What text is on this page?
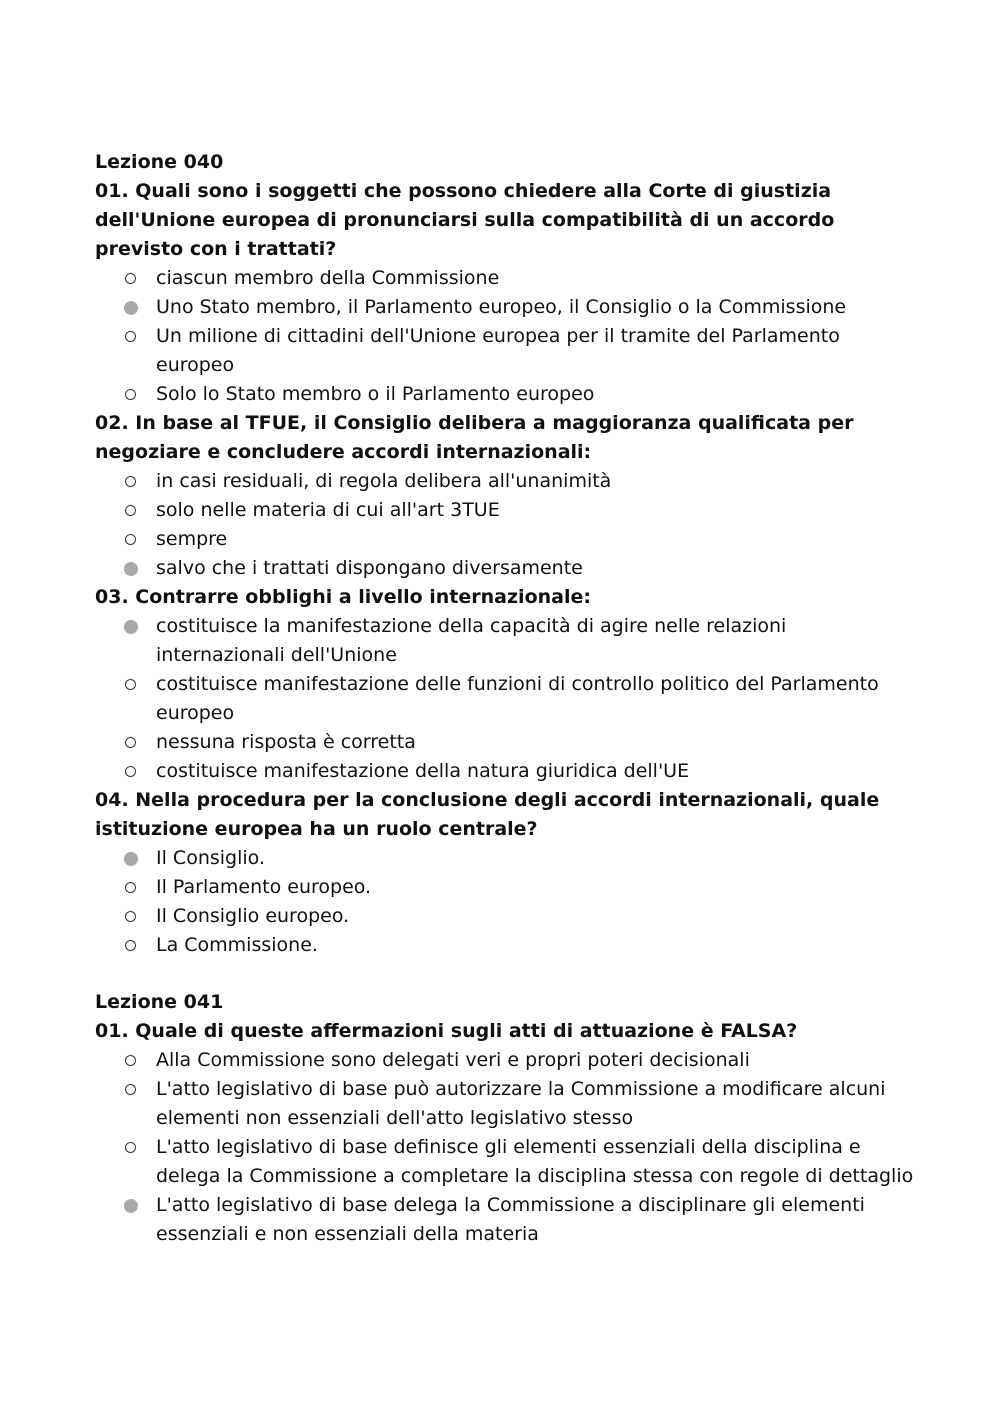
Lezione 040

01. Quali sono i soggetti che possono chiedere alla Corte di giustizia dell'Unione europea di pronunciarsi sulla compatibilità di un accordo previsto con i trattati?

ciascun membro della Commissione
Uno Stato membro, il Parlamento europeo, il Consiglio o la Commissione
Un milione di cittadini dell'Unione europea per il tramite del Parlamento europeo
Solo lo Stato membro o il Parlamento europeo

02. In base al TFUE, il Consiglio delibera a maggioranza qualificata per negoziare e concludere accordi internazionali:

in casi residuali, di regola delibera all'unanimità
solo nelle materia di cui all'art 3TUE
sempre
salvo che i trattati dispongano diversamente

03. Contrarre obblighi a livello internazionale:

costituisce la manifestazione della capacità di agire nelle relazioni internazionali dell'Unione
costituisce manifestazione delle funzioni di controllo politico del Parlamento europeo
nessuna risposta è corretta
costituisce manifestazione della natura giuridica dell'UE

04. Nella procedura per la conclusione degli accordi internazionali, quale istituzione europea ha un ruolo centrale?

Il Consiglio.
Il Parlamento europeo.
Il Consiglio europeo.
La Commissione.
Lezione 041

01. Quale di queste affermazioni sugli atti di attuazione è FALSA?

Alla Commissione sono delegati veri e propri poteri decisionali
L'atto legislativo di base può autorizzare la Commissione a modificare alcuni elementi non essenziali dell'atto legislativo stesso
L'atto legislativo di base definisce gli elementi essenziali della disciplina e delega la Commissione a completare la disciplina stessa con regole di dettaglio
L'atto legislativo di base delega la Commissione a disciplinare gli elementi essenziali e non essenziali della materia
